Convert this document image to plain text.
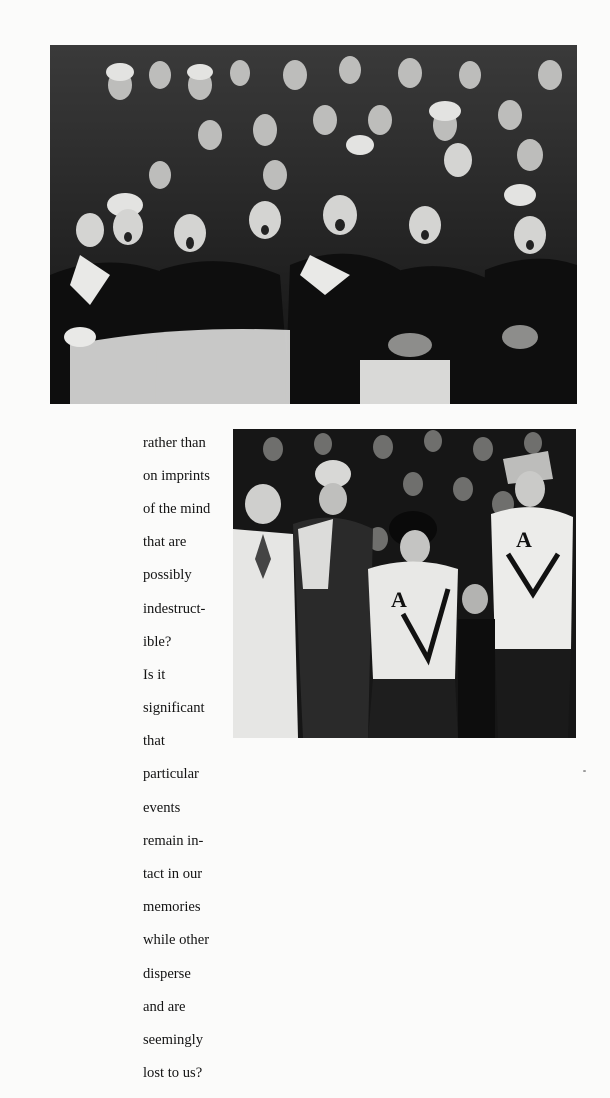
rather than

on imprints

of the mind

that are

possibly

indestruct-

ible?

Is it

significant

that

particular

events

remain in-

tact in our

memories

while other

disperse

and are

seemingly

lost to us?

A
A
